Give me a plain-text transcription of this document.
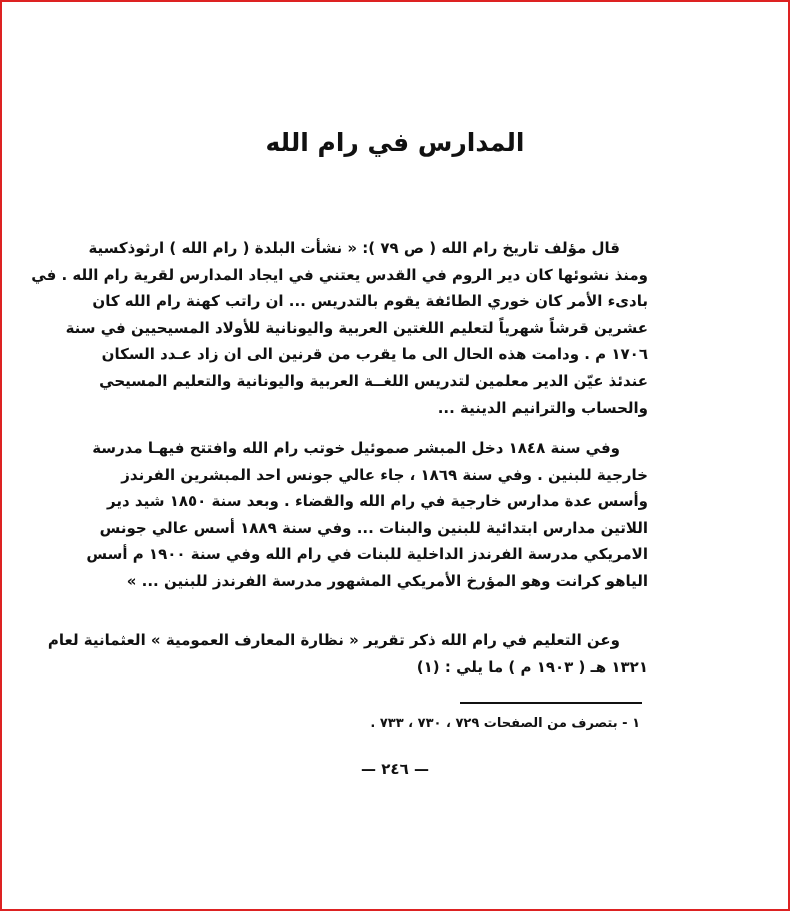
المدارس في رام الله
قال مؤلف تاريخ رام الله ( ص ٧٩ ): « نشأت البلدة ( رام الله ) ارثوذكسية
ومنذ نشوئها كان دير الروم في القدس يعتني في ايجاد المدارس لقرية رام الله . في
بادىء الأمر كان خوري الطائفة يقوم بالتدريس ... ان راتب كهنة رام الله كان
عشرين قرشاً شهرياً لتعليم اللغتين العربية واليونانية للأولاد المسيحيين في سنة
١٧٠٦ م . ودامت هذه الحال الى ما يقرب من قرنين الى ان زاد عـدد السكان
عندئذ عيّن الدير معلمين لتدريس اللغــة العربية واليونانية والتعليم المسيحي
والحساب والترانيم الدينية ...
وفي سنة ١٨٤٨ دخل المبشر صموئيل خوتب رام الله وافتتح فيهـا مدرسة
خارجية للبنين . وفي سنة ١٨٦٩ ، جاء عالي جونس احد المبشرين الفرندز
وأسس عدة مدارس خارجية في رام الله والقضاء . وبعد سنة ١٨٥٠ شيد دير
اللاتين مدارس ابتدائية للبنين والبنات ... وفي سنة ١٨٨٩ أسس عالي جونس
الامريكي مدرسة الفرندز الداخلية للبنات في رام الله وفي سنة ١٩٠٠ م أسس
الياهو كرانت وهو المؤرخ الأمريكي المشهور مدرسة الفرندز للبنين ... »
وعن التعليم في رام الله ذكر تقرير « نظارة المعارف العمومية » العثمانية لعام
١٣٢١ هـ ( ١٩٠٣ م ) ما يلي : (١)
١ - بتصرف من الصفحات ٧٢٩ ، ٧٣٠ ، ٧٣٣ .
— ٢٤٦ —
